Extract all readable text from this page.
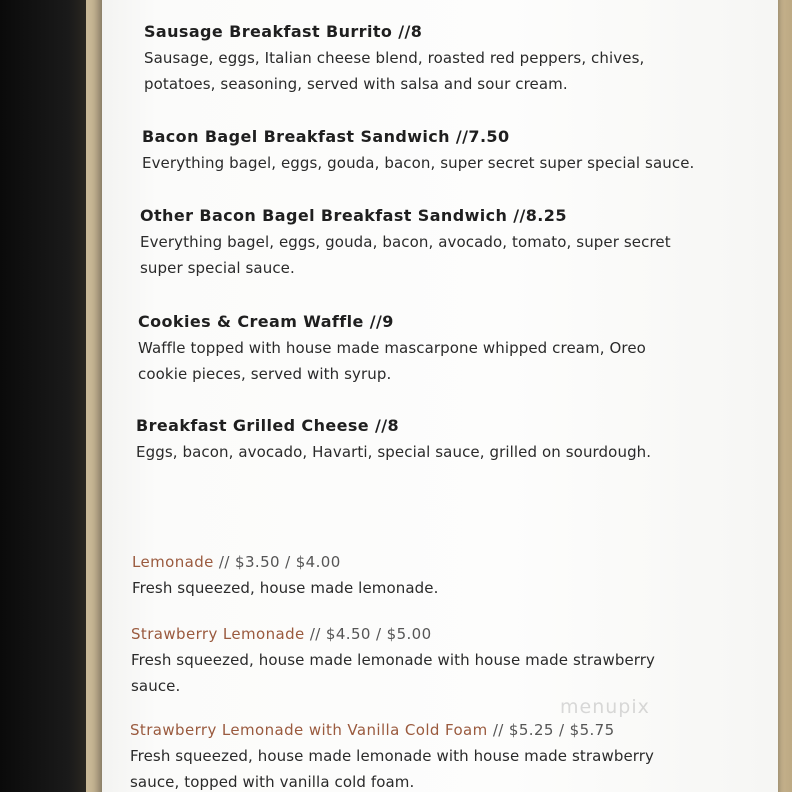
Sausage Breakfast Burrito //8
Sausage, eggs, Italian cheese blend, roasted red peppers, chives,
potatoes, seasoning, served with salsa and sour cream.
Bacon Bagel Breakfast Sandwich //7.50
Everything bagel, eggs, gouda, bacon, super secret super special sauce.
Other Bacon Bagel Breakfast Sandwich //8.25
Everything bagel, eggs, gouda, bacon, avocado, tomato, super secret
super special sauce.
Cookies & Cream Waffle //9
Waffle topped with house made mascarpone whipped cream, Oreo
cookie pieces, served with syrup.
Breakfast Grilled Cheese //8
Eggs, bacon, avocado, Havarti, special sauce, grilled on sourdough.
Lemonade // $3.50 / $4.00
Fresh squeezed, house made lemonade.
Strawberry Lemonade // $4.50 / $5.00
Fresh squeezed, house made lemonade with house made strawberry
sauce.
Strawberry Lemonade with Vanilla Cold Foam // $5.25 / $5.75
Fresh squeezed, house made lemonade with house made strawberry
sauce, topped with vanilla cold foam.
menupix
